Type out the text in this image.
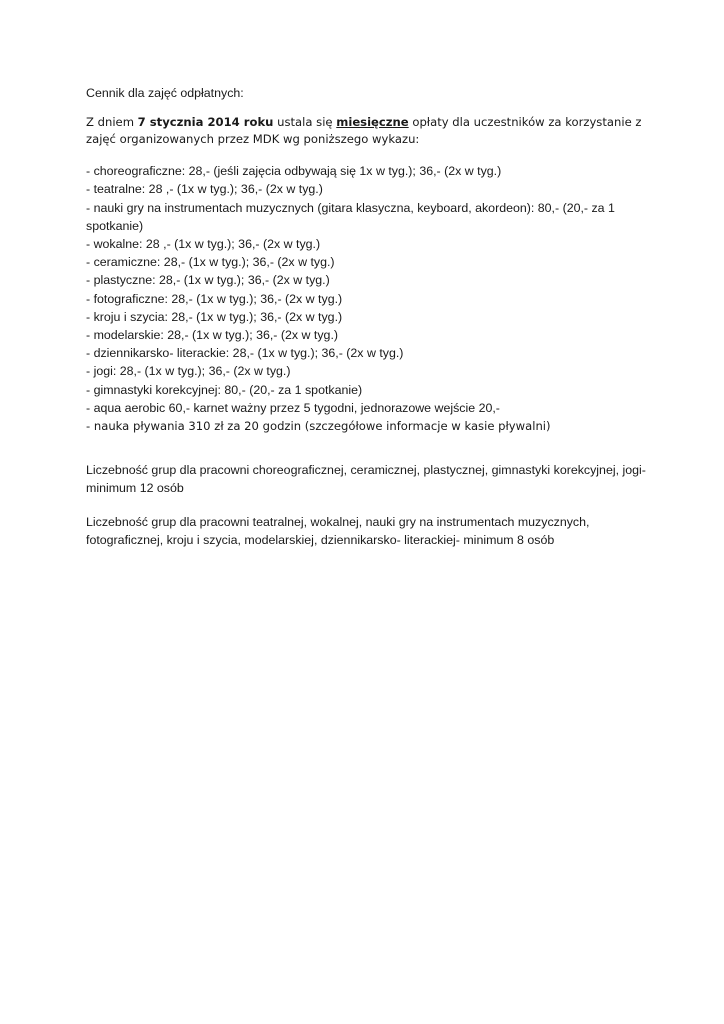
Cennik dla zajęć odpłatnych:

Z dniem 7 stycznia 2014 roku ustala się miesięczne opłaty dla uczestników za korzystanie z zajęć organizowanych przez MDK wg poniższego wykazu:

- choreograficzne: 28,- (jeśli zajęcia odbywają się 1x w tyg.); 36,- (2x w tyg.)
- teatralne: 28 ,- (1x w tyg.); 36,- (2x w tyg.)
- nauki gry na instrumentach muzycznych (gitara klasyczna, keyboard, akordeon): 80,- (20,- za 1 spotkanie)
- wokalne: 28 ,- (1x w tyg.); 36,- (2x w tyg.)
- ceramiczne: 28,- (1x w tyg.); 36,- (2x w tyg.)
- plastyczne: 28,- (1x w tyg.); 36,- (2x w tyg.)
- fotograficzne: 28,- (1x w tyg.); 36,- (2x w tyg.)
- kroju i szycia: 28,- (1x w tyg.); 36,- (2x w tyg.)
- modelarskie: 28,- (1x w tyg.); 36,- (2x w tyg.)
- dziennikarsko- literackie: 28,- (1x w tyg.); 36,- (2x w tyg.)
- jogi: 28,- (1x w tyg.); 36,- (2x w tyg.)
- gimnastyki korekcyjnej: 80,- (20,- za 1 spotkanie)
- aqua aerobic 60,- karnet ważny przez 5 tygodni, jednorazowe wejście 20,-
- nauka pływania 310 zł za 20 godzin (szczegółowe informacje w kasie pływalni)

Liczebność grup dla pracowni choreograficznej, ceramicznej, plastycznej, gimnastyki korekcyjnej, jogi- minimum 12 osób

Liczebność grup dla pracowni teatralnej, wokalnej, nauki gry na instrumentach muzycznych, fotograficznej, kroju i szycia, modelarskiej, dziennikarsko- literackiej- minimum 8 osób
